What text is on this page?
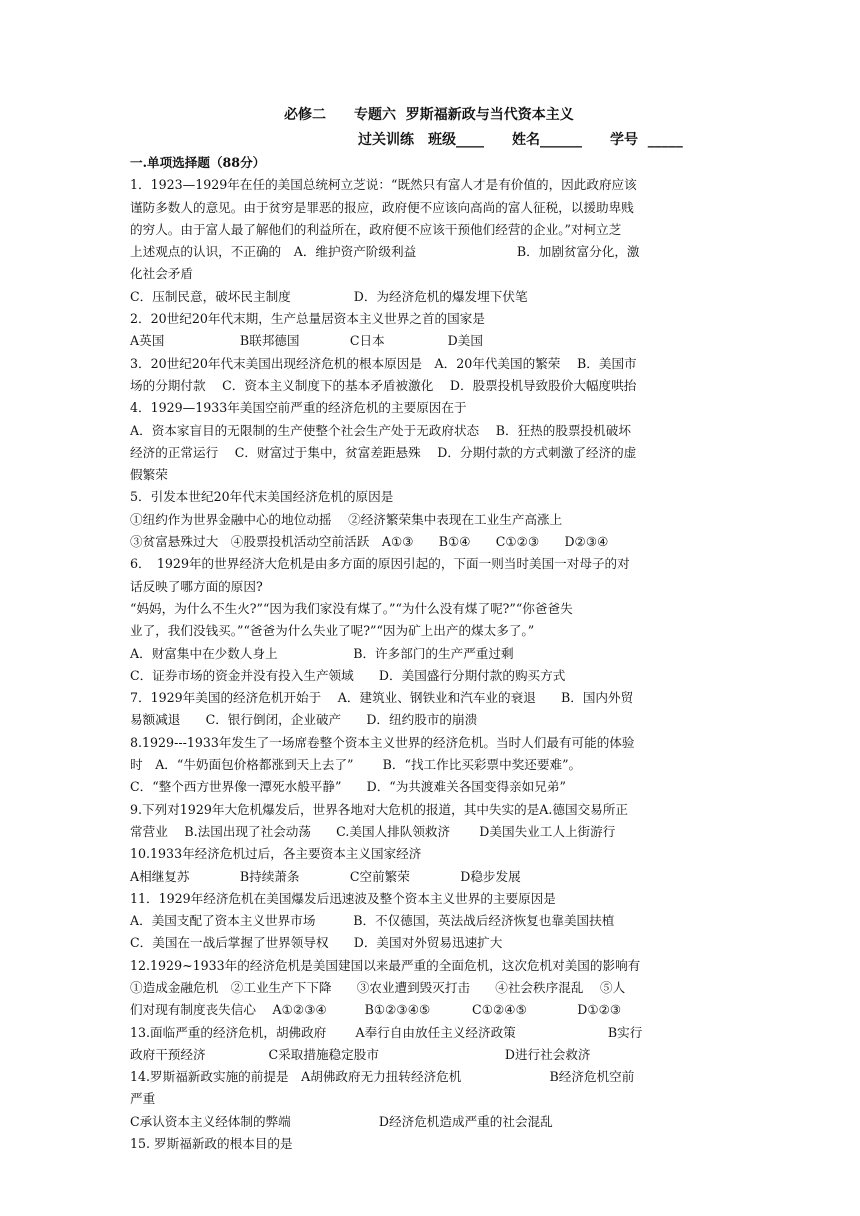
必修二　　专题六  罗斯福新政与当代资本主义
过关训练　班级____　　姓名______　　学号  _____
一.单项选择题（88分）
1．1923—1929年在任的美国总统柯立芝说：“既然只有富人才是有价值的，因此政府应该
谨防多数人的意见。由于贫穷是罪恶的报应，政府便不应该向高尚的富人征税，以援助卑贱
的穷人。由于富人最了解他们的利益所在，政府便不应该干预他们经营的企业。”对柯立芝
上述观点的认识，不正确的　A．维护资产阶级利益　　　　　　　　B．加剧贫富分化，激
化社会矛盾
C．压制民意，破坏民主制度　　　　　D．为经济危机的爆发埋下伏笔
2．20世纪20年代末期，生产总量居资本主义世界之首的国家是
A英国　　　　　　B联邦德国　　　　C日本　　　　　D美国
3．20世纪20年代末美国出现经济危机的根本原因是　A．20年代美国的繁荣　 B．美国市
场的分期付款　 C．资本主义制度下的基本矛盾被激化　 D．股票投机导致股价大幅度哄抬
4．1929—1933年美国空前严重的经济危机的主要原因在于
A．资本家盲目的无限制的生产使整个社会生产处于无政府状态　 B．狂热的股票投机破坏
经济的正常运行　 C．财富过于集中，贫富差距悬殊　 D．分期付款的方式刺激了经济的虚
假繁荣
5．引发本世纪20年代末美国经济危机的原因是
①纽约作为世界金融中心的地位动摇　 ②经济繁荣集中表现在工业生产高涨上
③贫富悬殊过大　④股票投机活动空前活跃　A①③　　B①④　　C①②③　　D②③④
6．　1929年的世界经济大危机是由多方面的原因引起的，下面一则当时美国一对母子的对
话反映了哪方面的原因?
“妈妈，为什么不生火?”“因为我们家没有煤了。”“为什么没有煤了呢?”“你爸爸失
业了，我们没钱买。”“爸爸为什么失业了呢?”“因为矿上出产的煤太多了。”
A．财富集中在少数人身上　　　　　　B．许多部门的生产严重过剩
C．证券市场的资金并没有投入生产领域　　D．美国盛行分期付款的购买方式
7．1929年美国的经济危机开始于　 A．建筑业、钢铁业和汽车业的衰退　　B．国内外贸
易额减退　　C．银行倒闭，企业破产　　D．纽约股市的崩溃
8.1929---1933年发生了一场席卷整个资本主义世界的经济危机。当时人们最有可能的体验
时　A．“牛奶面包价格都涨到天上去了”　　 B．“找工作比买彩票中奖还要难”。
C．“整个西方世界像一潭死水般平静”　　D．“为共渡难关各国变得亲如兄弟”
9.下列对1929年大危机爆发后，世界各地对大危机的报道，其中失实的是A.德国交易所正
常营业　 B.法国出现了社会动荡　　C.美国人排队领救济　　 D美国失业工人上街游行
10.1933年经济危机过后，各主要资本主义国家经济
A相继复苏　　　　B持续萧条　　　　C空前繁荣　　　　D稳步发展
11．1929年经济危机在美国爆发后迅速波及整个资本主义世界的主要原因是
A．美国支配了资本主义世界市场　　　B．不仅德国，英法战后经济恢复也靠美国扶植
C．美国在一战后掌握了世界领导权　　D．美国对外贸易迅速扩大
12.1929~1933年的经济危机是美国建国以来最严重的全面危机，这次危机对美国的影响有
①造成金融危机　②工业生产下下降　　③农业遭到毁灭打击　　④社会秩序混乱　 ⑤人
们对现有制度丧失信心　 A①②③④　　　B①②③④⑤　　　 C①②④⑤　　　　D①②③
13.面临严重的经济危机，胡佛政府　　 A奉行自由放任主义经济政策　　　　　　　 B实行
政府干预经济　　　　　C采取措施稳定股市　　　　　　　　　　D进行社会救济
14.罗斯福新政实施的前提是　A胡佛政府无力扭转经济危机　　　　　　　B经济危机空前
严重
C承认资本主义经体制的弊端　　　　　　　D经济危机造成严重的社会混乱
15. 罗斯福新政的根本目的是
